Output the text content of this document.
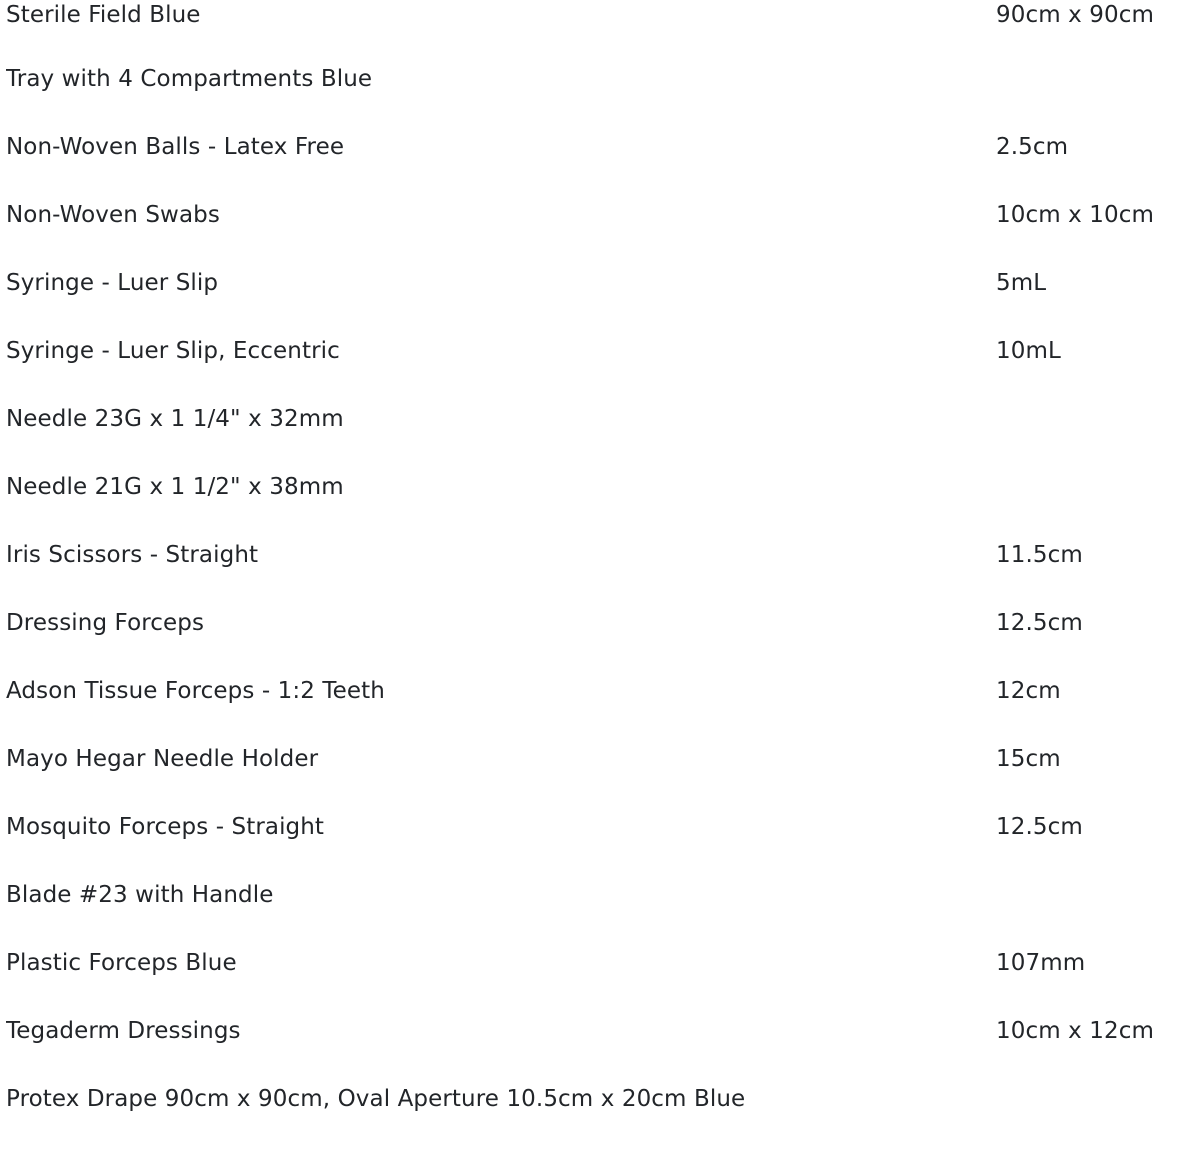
Sterile Field Blue	90cm x 90cm
Tray with 4 Compartments Blue
Non-Woven Balls - Latex Free	2.5cm
Non-Woven Swabs	10cm x 10cm
Syringe - Luer Slip	5mL
Syringe - Luer Slip, Eccentric	10mL
Needle 23G x 1 1/4" x 32mm
Needle 21G x 1 1/2" x 38mm
Iris Scissors - Straight	11.5cm
Dressing Forceps	12.5cm
Adson Tissue Forceps - 1:2 Teeth	12cm
Mayo Hegar Needle Holder	15cm
Mosquito Forceps - Straight	12.5cm
Blade #23 with Handle
Plastic Forceps Blue	107mm
Tegaderm Dressings	10cm x 12cm
Protex Drape 90cm x 90cm, Oval Aperture 10.5cm x 20cm Blue
